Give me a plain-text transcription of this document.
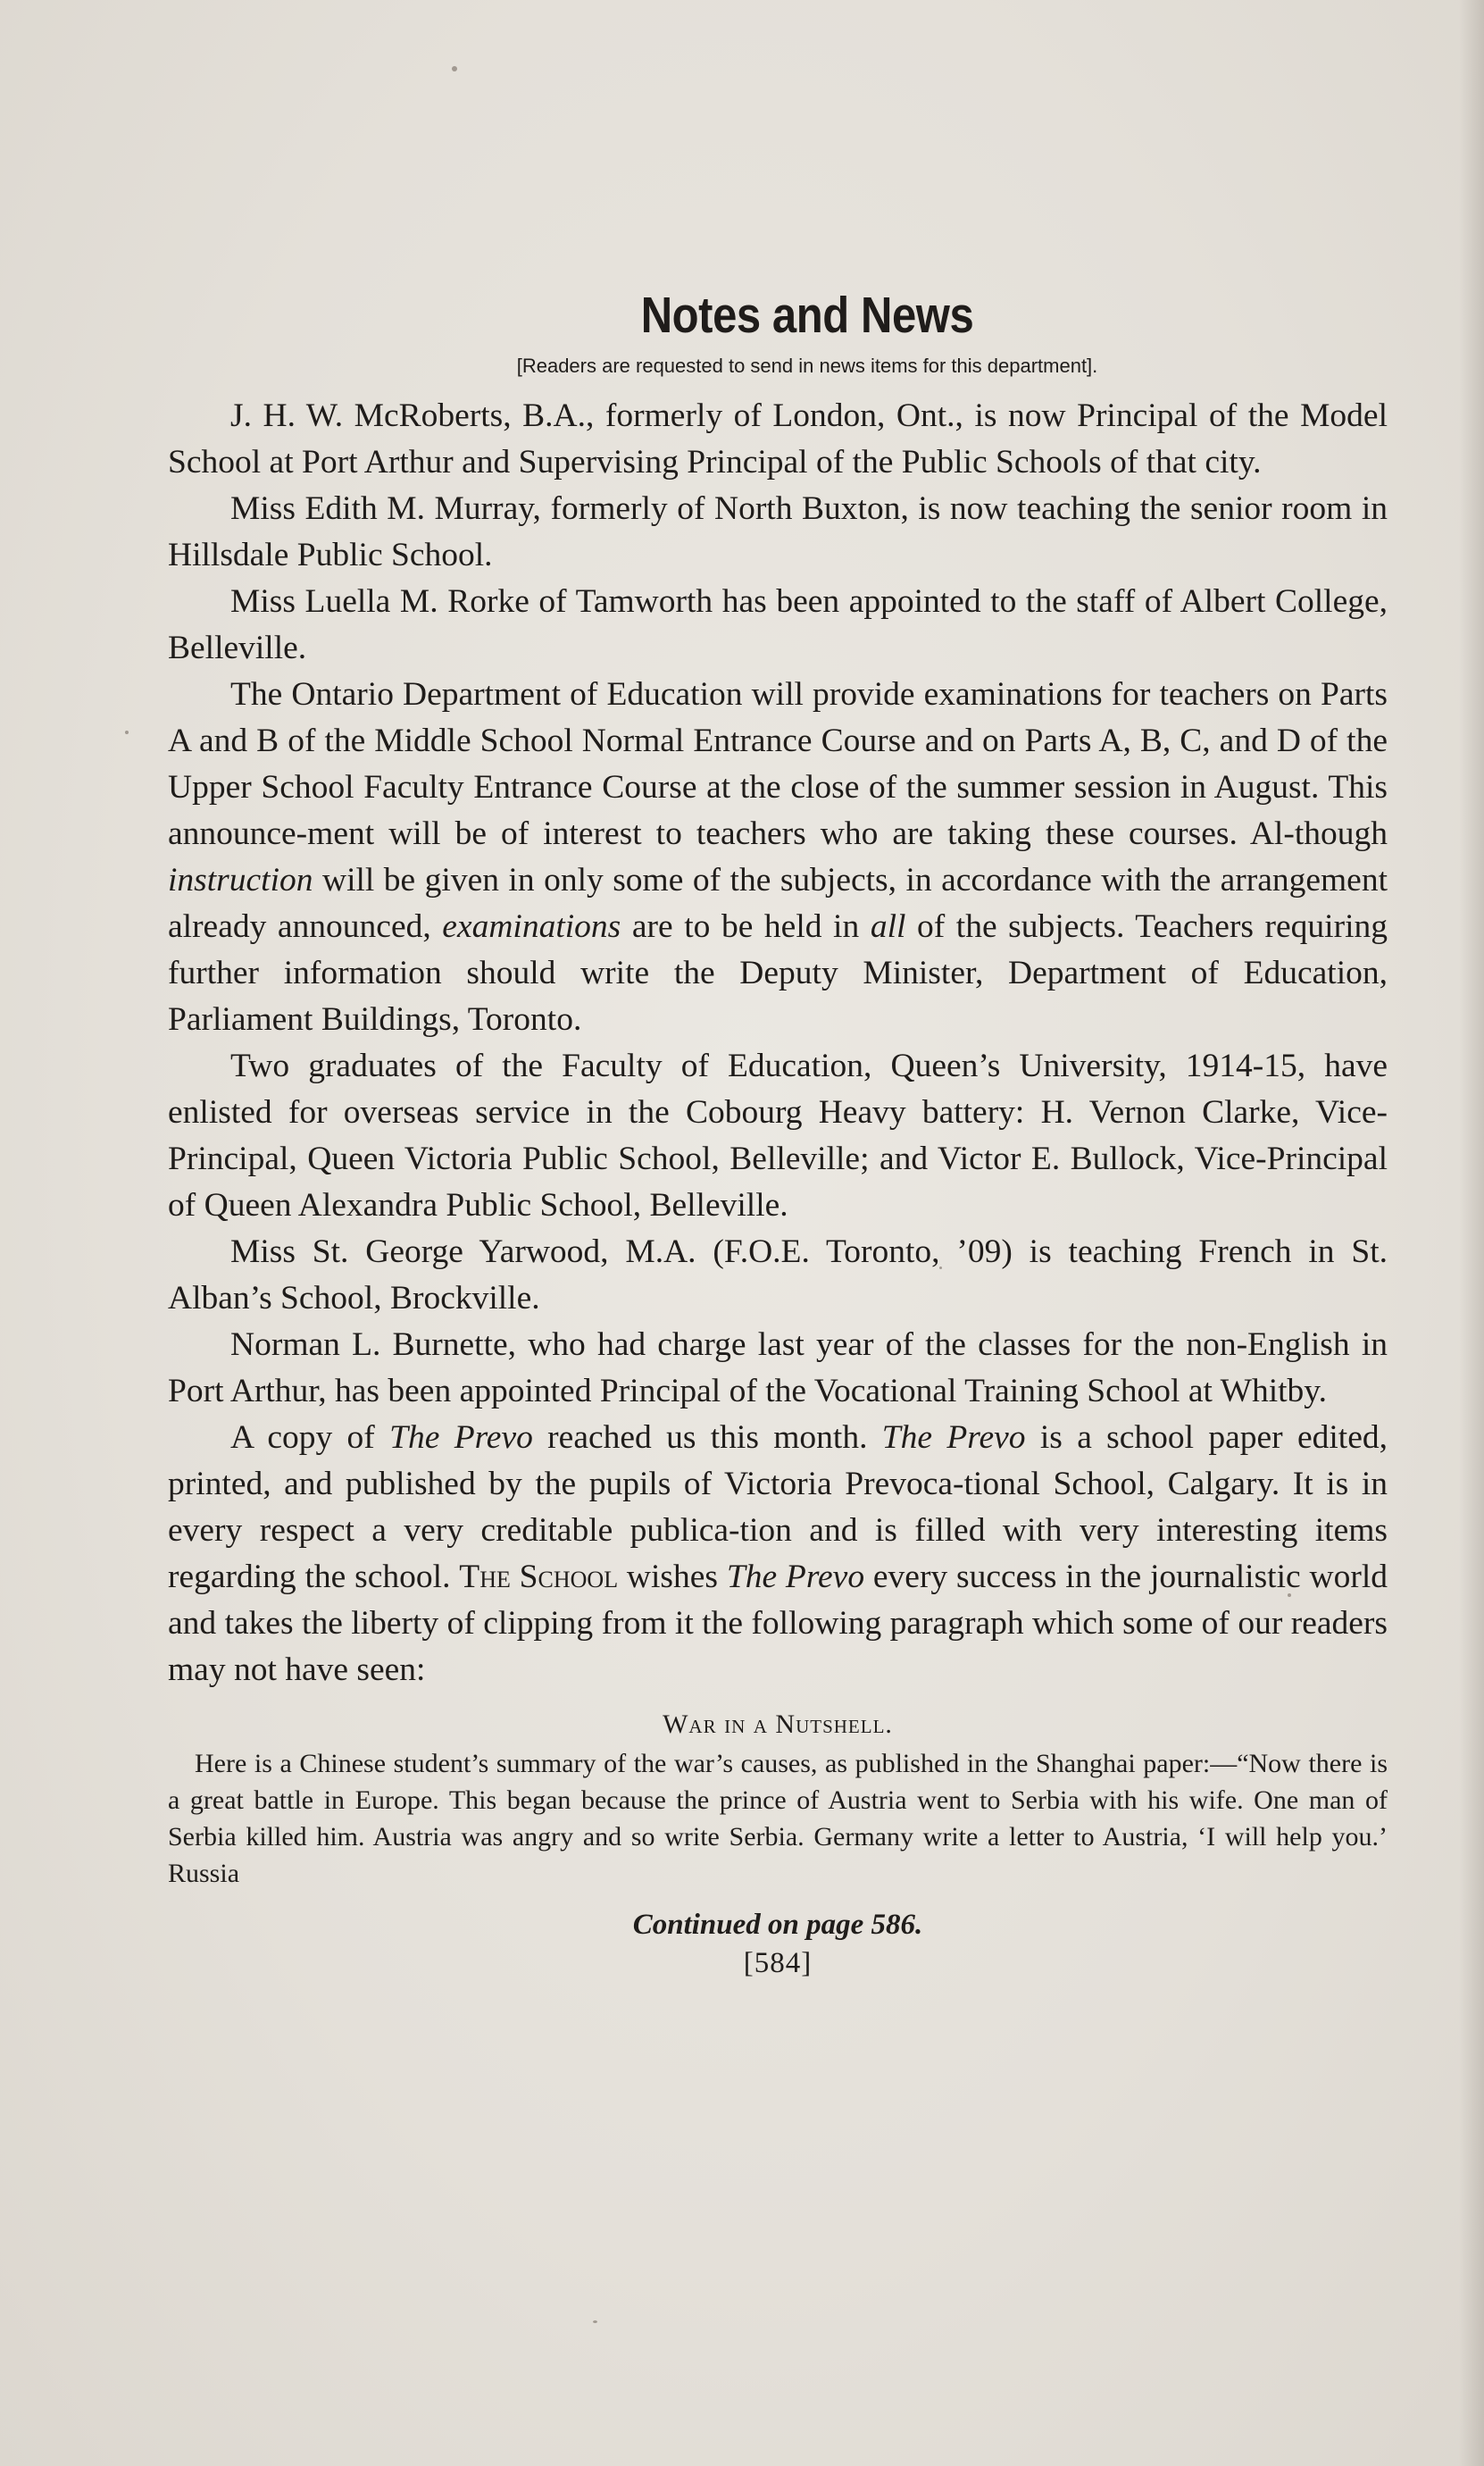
Notes and News
[Readers are requested to send in news items for this department].

J. H. W. McRoberts, B.A., formerly of London, Ont., is now Principal of the Model School at Port Arthur and Supervising Principal of the Public Schools of that city.

Miss Edith M. Murray, formerly of North Buxton, is now teaching the senior room in Hillsdale Public School.

Miss Luella M. Rorke of Tamworth has been appointed to the staff of Albert College, Belleville.

The Ontario Department of Education will provide examinations for teachers on Parts A and B of the Middle School Normal Entrance Course and on Parts A, B, C, and D of the Upper School Faculty Entrance Course at the close of the summer session in August. This announce-ment will be of interest to teachers who are taking these courses. Al-though instruction will be given in only some of the subjects, in accordance with the arrangement already announced, examinations are to be held in all of the subjects. Teachers requiring further information should write the Deputy Minister, Department of Education, Parliament Buildings, Toronto.

Two graduates of the Faculty of Education, Queen’s University, 1914-15, have enlisted for overseas service in the Cobourg Heavy battery: H. Vernon Clarke, Vice-Principal, Queen Victoria Public School, Belleville; and Victor E. Bullock, Vice-Principal of Queen Alexandra Public School, Belleville.

Miss St. George Yarwood, M.A. (F.O.E. Toronto, ’09) is teaching French in St. Alban’s School, Brockville.

Norman L. Burnette, who had charge last year of the classes for the non-English in Port Arthur, has been appointed Principal of the Vocational Training School at Whitby.

A copy of The Prevo reached us this month. The Prevo is a school paper edited, printed, and published by the pupils of Victoria Prevoca-tional School, Calgary. It is in every respect a very creditable publica-tion and is filled with very interesting items regarding the school. The School wishes The Prevo every success in the journalistic world and takes the liberty of clipping from it the following paragraph which some of our readers may not have seen:

War in a Nutshell.

Here is a Chinese student’s summary of the war’s causes, as published in the Shanghai paper:—“Now there is a great battle in Europe. This began because the prince of Austria went to Serbia with his wife. One man of Serbia killed him. Austria was angry and so write Serbia. Germany write a letter to Austria, ‘I will help you.’ Russia

Continued on page 586.
[584]
